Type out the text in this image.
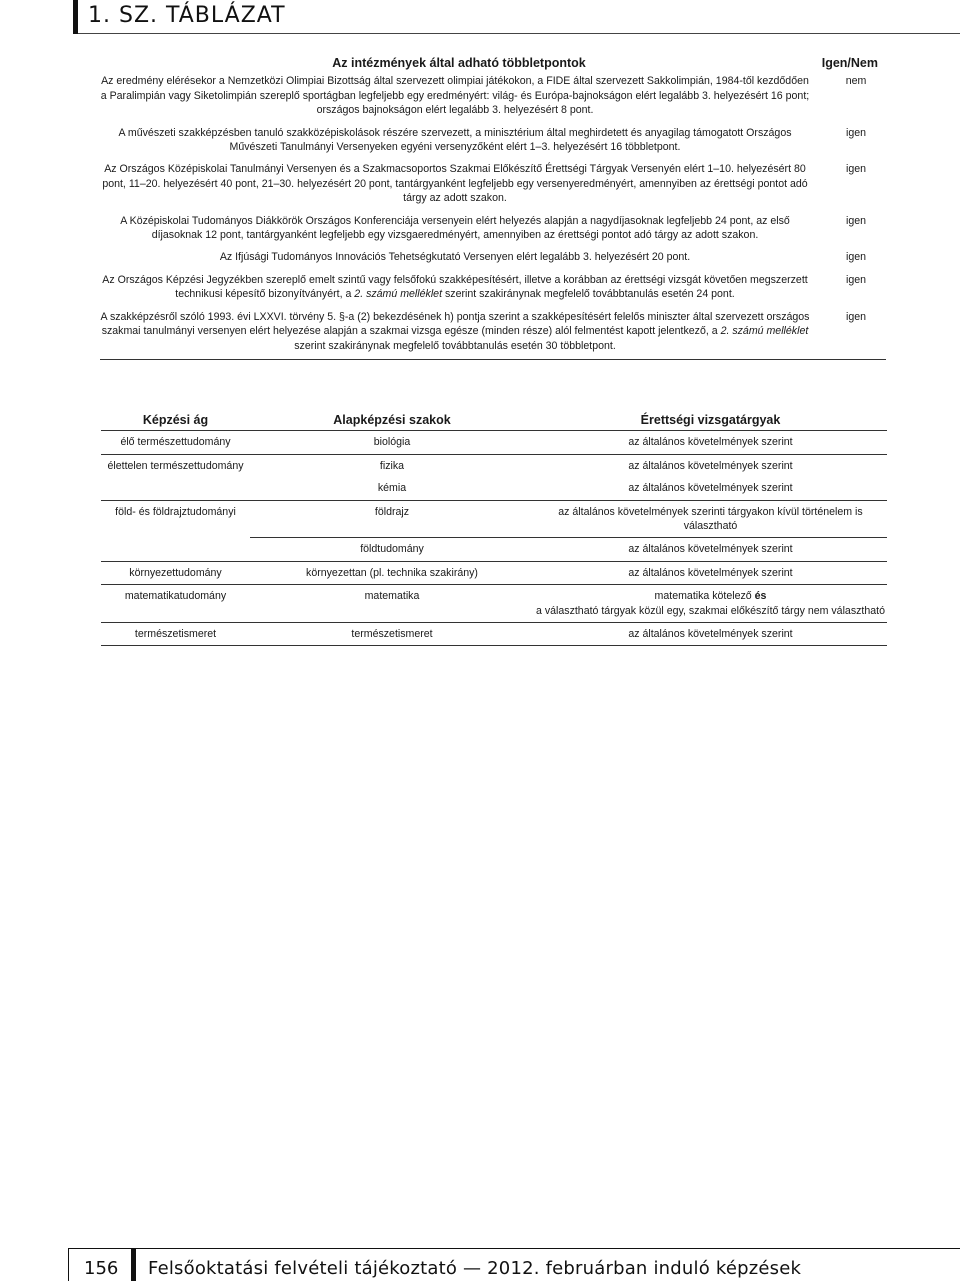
1. SZ. TÁBLÁZAT
Az intézmények által adható többletpontok	Igen/Nem
Az eredmény elérésekor a Nemzetközi Olimpiai Bizottság által szervezett olimpiai játékokon, a FIDE által szervezett Sakkolimpián, 1984-től kezdődően a Paralimpián vagy Siketolimpián szereplő sportágban legfeljebb egy eredményért: világ- és Európa-bajnokságon elért legalább 3. helyezésért 16 pont; országos bajnokságon elért legalább 3. helyezésért 8 pont.	nem
A művészeti szakképzésben tanuló szakközépiskolások részére szervezett, a minisztérium által meghirdetett és anyagilag támogatott Országos Művészeti Tanulmányi Versenyeken egyéni versenyzőként elért 1–3. helyezésért 16 többletpont.	igen
Az Országos Középiskolai Tanulmányi Versenyen és a Szakmacsoportos Szakmai Előkészítő Érettségi Tárgyak Versenyén elért 1–10. helyezésért 80 pont, 11–20. helyezésért 40 pont, 21–30. helyezésért 20 pont, tantárgyanként legfeljebb egy versenyeredményért, amennyiben az érettségi pontot adó tárgy az adott szakon.	igen
A Középiskolai Tudományos Diákkörök Országos Konferenciája versenyein elért helyezés alapján a nagydíjasoknak legfeljebb 24 pont, az első díjasoknak 12 pont, tantárgyanként legfeljebb egy vizsgaeredményért, amennyiben az érettségi pontot adó tárgy az adott szakon.	igen
Az Ifjúsági Tudományos Innovációs Tehetségkutató Versenyen elért legalább 3. helyezésért 20 pont.	igen
Az Országos Képzési Jegyzékben szereplő emelt szintű vagy felsőfokú szakképesítésért, illetve a korábban az érettségi vizsgát követően megszerzett technikusi képesítő bizonyítványért, a 2. számú melléklet szerint szakiránynak megfelelő továbbtanulás esetén 24 pont.	igen
A szakképzésről szóló 1993. évi LXXVI. törvény 5. §-a (2) bekezdésének h) pontja szerint a szakképesítésért felelős miniszter által szervezett országos szakmai tanulmányi versenyen elért helyezése alapján a szakmai vizsga egésze (minden része) alól felmentést kapott jelentkező, a 2. számú melléklet szerint szakiránynak megfelelő továbbtanulás esetén 30 többletpont.	igen
Képzési ág	Alapképzési szakok	Érettségi vizsgatárgyak
élő természettudomány	biológia	az általános követelmények szerint
élettelen természettudomány	fizika	az általános követelmények szerint
	kémia	az általános követelmények szerint
föld- és földrajztudományi	földrajz	az általános követelmények szerinti tárgyakon kívül történelem is választható
	földtudomány	az általános követelmények szerint
környezettudomány	környezettan (pl. technika szakirány)	az általános követelmények szerint
matematikatudomány	matematika	matematika kötelező és
a választható tárgyak közül egy, szakmai előkészítő tárgy nem választható
természetismeret	természetismeret	az általános követelmények szerint
156 Felsőoktatási felvételi tájékoztató — 2012. februárban induló képzések
